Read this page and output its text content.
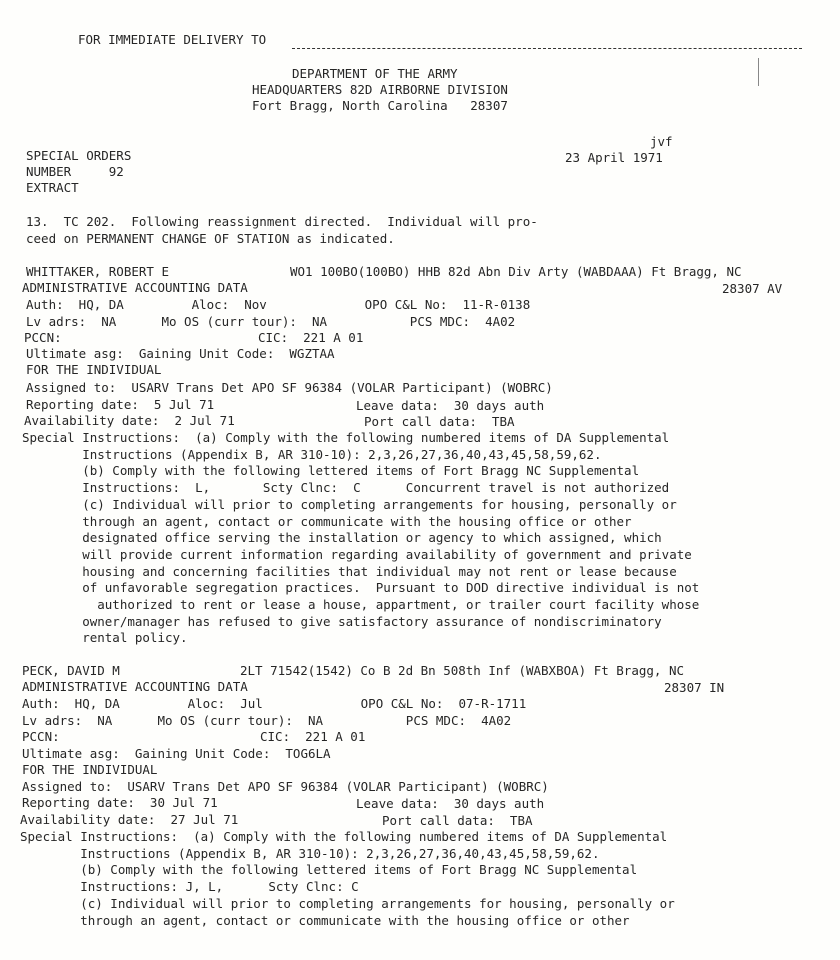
FOR IMMEDIATE DELIVERY TO
DEPARTMENT OF THE ARMY
HEADQUARTERS 82D AIRBORNE DIVISION
Fort Bragg, North Carolina   28307
jvf
SPECIAL ORDERS	23 April 1971
NUMBER     92
EXTRACT
13.  TC 202.  Following reassignment directed.  Individual will pro-
ceed on PERMANENT CHANGE OF STATION as indicated.
WHITTAKER, ROBERT E	WO1 100BO(100BO) HHB 82d Abn Div Arty (WABDAAA) Ft Bragg, NC
ADMINISTRATIVE ACCOUNTING DATA	28307 AV
Auth:  HQ, DA         Aloc:  Nov             OPO C&L No:  11-R-0138
Lv adrs:  NA      Mo OS (curr tour):  NA           PCS MDC:  4A02
PCCN:	CIC:  221 A 01
Ultimate asg:  Gaining Unit Code:  WGZTAA
FOR THE INDIVIDUAL
Assigned to:  USARV Trans Det APO SF 96384 (VOLAR Participant) (WOBRC)
Reporting date:  5 Jul 71	Leave data:  30 days auth
Availability date:  2 Jul 71	Port call data:  TBA
Special Instructions:  (a) Comply with the following numbered items of DA Supplemental
Instructions (Appendix B, AR 310-10): 2,3,26,27,36,40,43,45,58,59,62.
(b) Comply with the following lettered items of Fort Bragg NC Supplemental
Instructions:  L,       Scty Clnc:  C      Concurrent travel is not authorized
(c) Individual will prior to completing arrangements for housing, personally or
through an agent, contact or communicate with the housing office or other
designated office serving the installation or agency to which assigned, which
will provide current information regarding availability of government and private
housing and concerning facilities that individual may not rent or lease because
of unfavorable segregation practices.  Pursuant to DOD directive individual is not
authorized to rent or lease a house, appartment, or trailer court facility whose
owner/manager has refused to give satisfactory assurance of nondiscriminatory
rental policy.
PECK, DAVID M	2LT 71542(1542) Co B 2d Bn 508th Inf (WABXBOA) Ft Bragg, NC
ADMINISTRATIVE ACCOUNTING DATA	28307 IN
Auth:  HQ, DA         Aloc:  Jul             OPO C&L No:  07-R-1711
Lv adrs:  NA      Mo OS (curr tour):  NA           PCS MDC:  4A02
PCCN:	CIC:  221 A 01
Ultimate asg:  Gaining Unit Code:  TOG6LA
FOR THE INDIVIDUAL
Assigned to:  USARV Trans Det APO SF 96384 (VOLAR Participant) (WOBRC)
Reporting date:  30 Jul 71	Leave data:  30 days auth
Availability date:  27 Jul 71	Port call data:  TBA
Special Instructions:  (a) Comply with the following numbered items of DA Supplemental
Instructions (Appendix B, AR 310-10): 2,3,26,27,36,40,43,45,58,59,62.
(b) Comply with the following lettered items of Fort Bragg NC Supplemental
Instructions: J, L,      Scty Clnc: C
(c) Individual will prior to completing arrangements for housing, personally or
through an agent, contact or communicate with the housing office or other
